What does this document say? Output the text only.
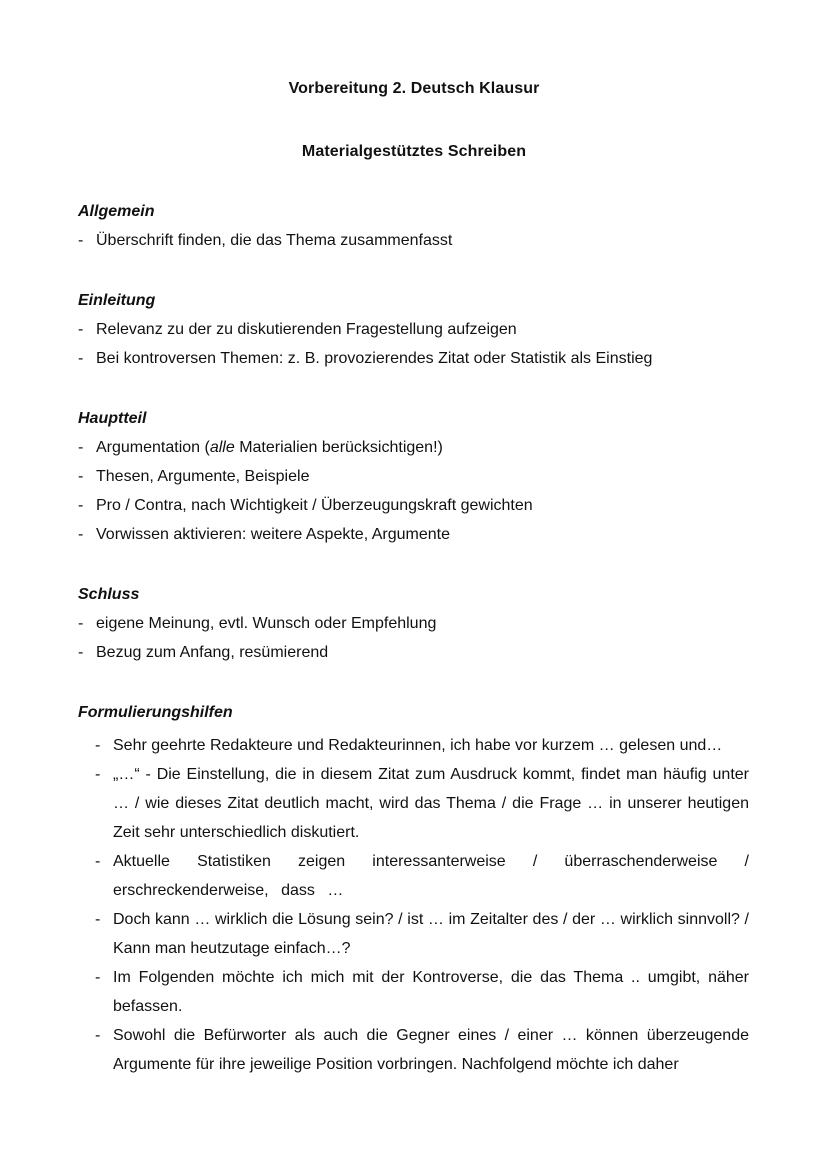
Vorbereitung 2. Deutsch Klausur
Materialgestütztes Schreiben
Allgemein
- Überschrift finden, die das Thema zusammenfasst
Einleitung
- Relevanz zu der zu diskutierenden Fragestellung aufzeigen
- Bei kontroversen Themen: z. B. provozierendes Zitat oder Statistik als Einstieg
Hauptteil
- Argumentation (alle Materialien berücksichtigen!)
- Thesen, Argumente, Beispiele
- Pro / Contra, nach Wichtigkeit / Überzeugungskraft gewichten
- Vorwissen aktivieren: weitere Aspekte, Argumente
Schluss
- eigene Meinung, evtl. Wunsch oder Empfehlung
- Bezug zum Anfang, resümierend
Formulierungshilfen
- Sehr geehrte Redakteure und Redakteurinnen, ich habe vor kurzem … gelesen und…
- „…“ - Die Einstellung, die in diesem Zitat zum Ausdruck kommt, findet man häufig unter … / wie dieses Zitat deutlich macht, wird das Thema / die Frage … in unserer heutigen Zeit sehr unterschiedlich diskutiert.
- Aktuelle Statistiken zeigen interessanterweise / überraschenderweise / erschreckenderweise, dass …
- Doch kann … wirklich die Lösung sein? / ist … im Zeitalter des / der … wirklich sinnvoll? / Kann man heutzutage einfach…?
- Im Folgenden möchte ich mich mit der Kontroverse, die das Thema .. umgibt, näher befassen.
- Sowohl die Befürworter als auch die Gegner eines / einer … können überzeugende Argumente für ihre jeweilige Position vorbringen. Nachfolgend möchte ich daher
